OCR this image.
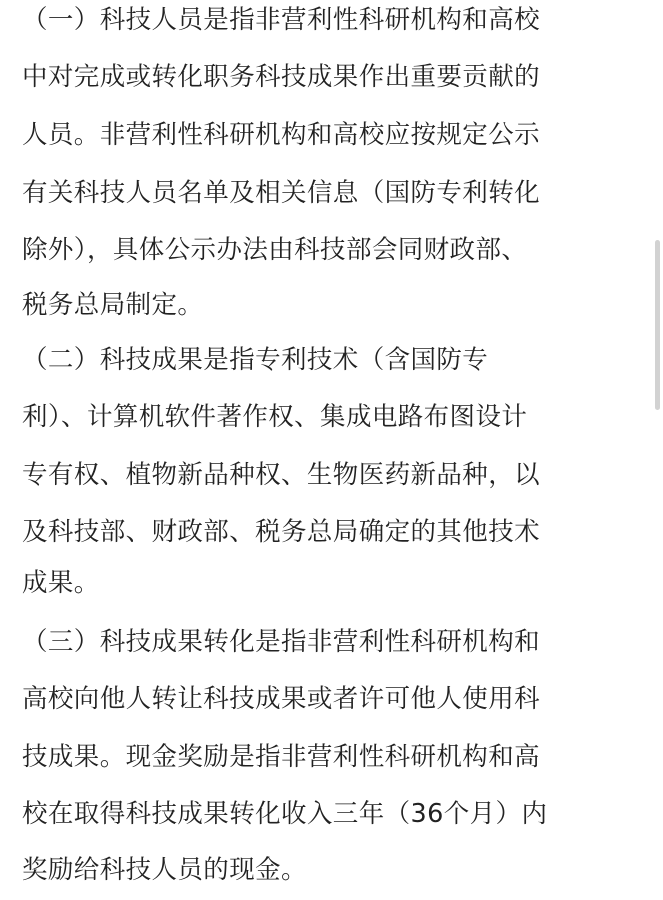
（一）科技人员是指非营利性科研机构和高校
中对完成或转化职务科技成果作出重要贡献的
人员。非营利性科研机构和高校应按规定公示
有关科技人员名单及相关信息（国防专利转化
除外），具体公示办法由科技部会同财政部、
税务总局制定。
（二）科技成果是指专利技术（含国防专
利）、计算机软件著作权、集成电路布图设计
专有权、植物新品种权、生物医药新品种，以
及科技部、财政部、税务总局确定的其他技术
成果。
（三）科技成果转化是指非营利性科研机构和
高校向他人转让科技成果或者许可他人使用科
技成果。现金奖励是指非营利性科研机构和高
校在取得科技成果转化收入三年（36个月）内
奖励给科技人员的现金。
